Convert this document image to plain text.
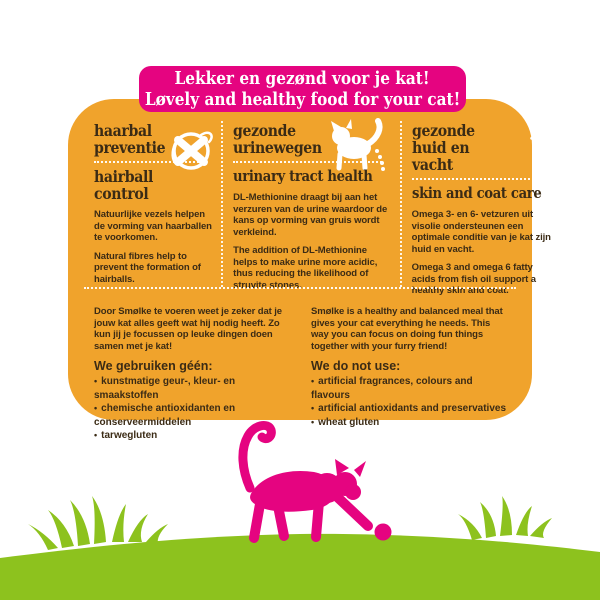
Lekker en gezønd voor je kat!
Løvely and healthy food for your cat!
haarbal preventie
hairball control

Natuurlijke vezels helpen de vorming van haarballen te voorkomen.

Natural fibres help to prevent the formation of hairballs.

gezonde urinewegen
urinary tract health

DL-Methionine draagt bij aan het verzuren van de urine waardoor de kans op vorming van gruis wordt verkleind.

The addition of DL-Methionine helps to make urine more acidic, thus reducing the likelihood of struvite stones.

gezonde huid en vacht
skin and coat care

Omega 3- en 6- vetzuren uit visolie ondersteunen een optimale conditie van je kat zijn huid en vacht.

Omega 3 and omega 6 fatty acids from fish oil support a healthy skin and coat.

Door Smølke te voeren weet je zeker dat je jouw kat alles geeft wat hij nodig heeft. Zo kun jij je focussen op leuke dingen doen samen met je kat!

We gebruiken géén:
• kunstmatige geur-, kleur- en smaakstoffen
• chemische antioxidanten en conserveermiddelen
• tarwegluten

Smølke is a healthy and balanced meal that gives your cat everything he needs. This way you can focus on doing fun things together with your furry friend!

We do not use:
• artificial fragrances, colours and flavours
• artificial antioxidants and preservatives
• wheat gluten
